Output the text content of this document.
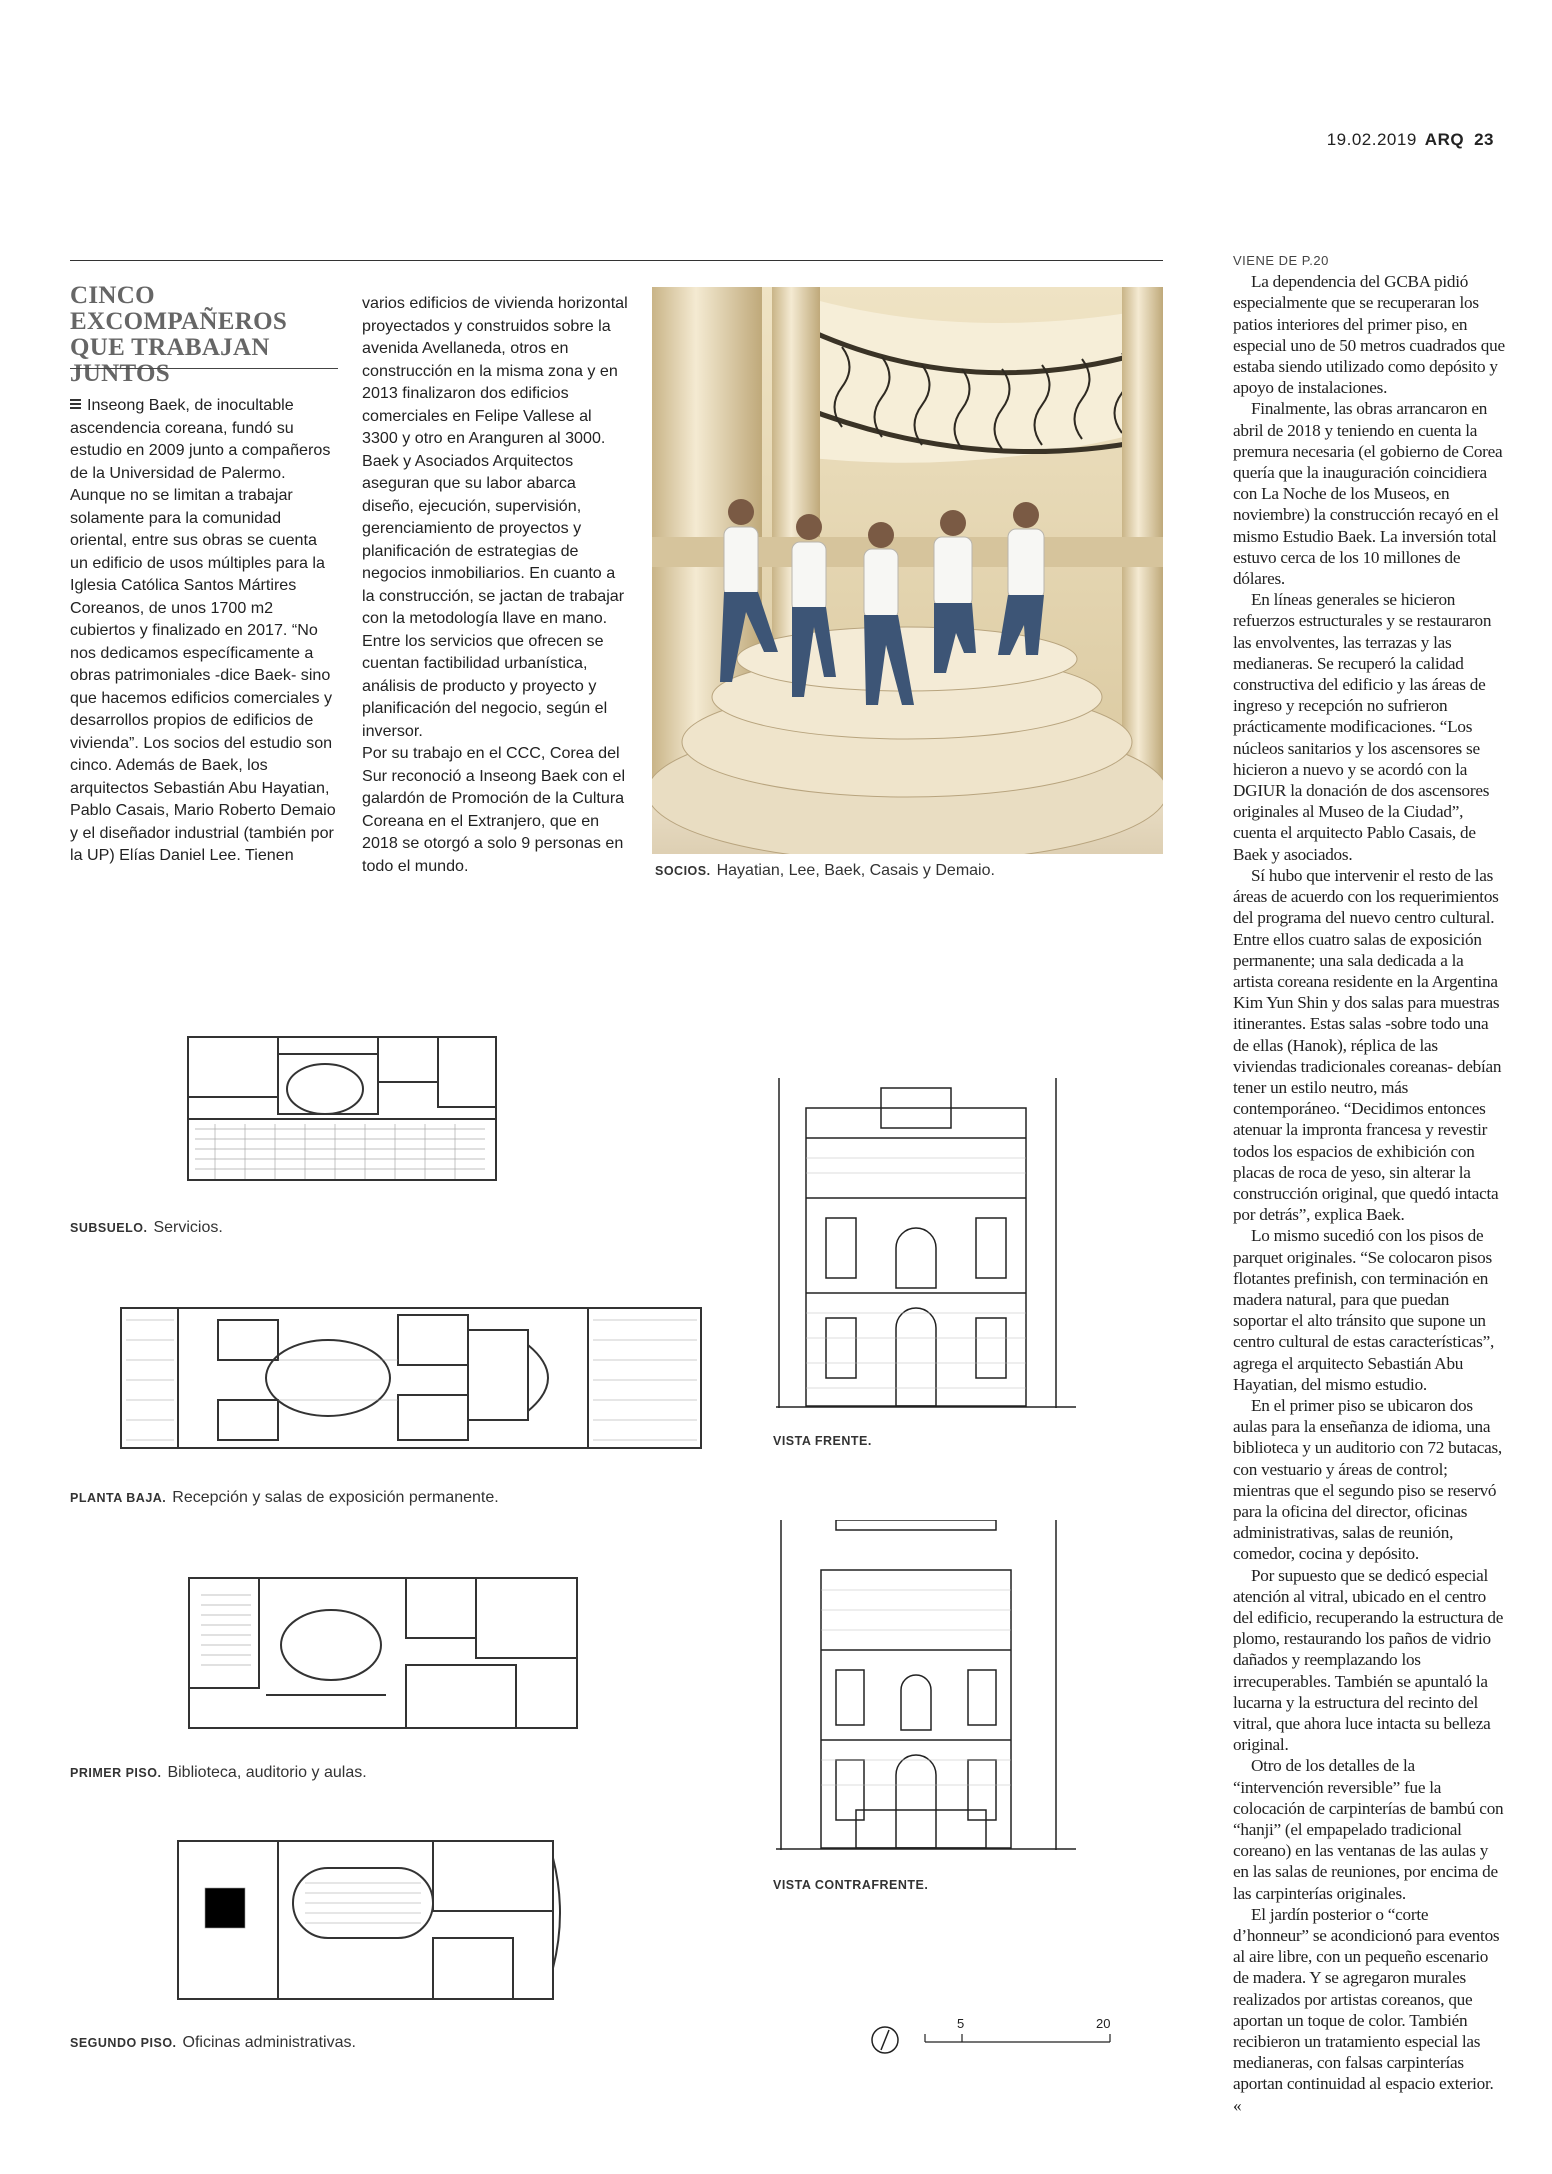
19.02.2019 ARQ 23
CINCO EXCOMPAÑEROS QUE TRABAJAN JUNTOS
Inseong Baek, de inocultable ascendencia coreana, fundó su estudio en 2009 junto a compañeros de la Universidad de Palermo. Aunque no se limitan a trabajar solamente para la comunidad oriental, entre sus obras se cuenta un edificio de usos múltiples para la Iglesia Católica Santos Mártires Coreanos, de unos 1700 m2 cubiertos y finalizado en 2017. “No nos dedicamos específicamente a obras patrimoniales -dice Baek- sino que hacemos edificios comerciales y desarrollos propios de edificios de vivienda”. Los socios del estudio son cinco. Además de Baek, los arquitectos Sebastián Abu Hayatian, Pablo Casais, Mario Roberto Demaio y el diseñador industrial (también por la UP) Elías Daniel Lee. Tienen
varios edificios de vivienda horizontal proyectados y construidos sobre la avenida Avellaneda, otros en construcción en la misma zona y en 2013 finalizaron dos edificios comerciales en Felipe Vallese al 3300 y otro en Aranguren al 3000.
Baek y Asociados Arquitectos aseguran que su labor abarca diseño, ejecución, supervisión, gerenciamiento de proyectos y planificación de estrategias de negocios inmobiliarios. En cuanto a la construcción, se jactan de trabajar con la metodología llave en mano. Entre los servicios que ofrecen se cuentan factibilidad urbanística, análisis de producto y proyecto y planificación del negocio, según el inversor.
Por su trabajo en el CCC, Corea del Sur reconoció a Inseong Baek con el galardón de Promoción de la Cultura Coreana en el Extranjero, que en 2018 se otorgó a solo 9 personas en todo el mundo.	SOCIOS. Hayatian, Lee, Baek, Casais y Demaio.
SUBSUELO. Servicios.
PLANTA BAJA. Recepción y salas de exposición permanente.
PRIMER PISO. Biblioteca, auditorio y aulas.
SEGUNDO PISO. Oficinas administrativas.
VISTA FRENTE.
VISTA CONTRAFRENTE.
5	20
VIENE DE P.20

La dependencia del GCBA pidió especialmente que se recuperaran los patios interiores del primer piso, en especial uno de 50 metros cuadrados que estaba siendo utilizado como depósito y apoyo de instalaciones.

Finalmente, las obras arrancaron en abril de 2018 y teniendo en cuenta la premura necesaria (el gobierno de Corea quería que la inauguración coincidiera con La Noche de los Museos, en noviembre) la construcción recayó en el mismo Estudio Baek. La inversión total estuvo cerca de los 10 millones de dólares.

En líneas generales se hicieron refuerzos estructurales y se restauraron las envolventes, las terrazas y las medianeras. Se recuperó la calidad constructiva del edificio y las áreas de ingreso y recepción no sufrieron prácticamente modificaciones. “Los núcleos sanitarios y los ascensores se hicieron a nuevo y se acordó con la DGIUR la donación de dos ascensores originales al Museo de la Ciudad”, cuenta el arquitecto Pablo Casais, de Baek y asociados.

Sí hubo que intervenir el resto de las áreas de acuerdo con los requerimientos del programa del nuevo centro cultural. Entre ellos cuatro salas de exposición permanente; una sala dedicada a la artista coreana residente en la Argentina Kim Yun Shin y dos salas para muestras itinerantes. Estas salas -sobre todo una de ellas (Hanok), réplica de las viviendas tradicionales coreanas- debían tener un estilo neutro, más contemporáneo. “Decidimos entonces atenuar la impronta francesa y revestir todos los espacios de exhibición con placas de roca de yeso, sin alterar la construcción original, que quedó intacta por detrás”, explica Baek.

Lo mismo sucedió con los pisos de parquet originales. “Se colocaron pisos flotantes prefinish, con terminación en madera natural, para que puedan soportar el alto tránsito que supone un centro cultural de estas características”, agrega el arquitecto Sebastián Abu Hayatian, del mismo estudio.

En el primer piso se ubicaron dos aulas para la enseñanza de idioma, una biblioteca y un auditorio con 72 butacas, con vestuario y áreas de control; mientras que el segundo piso se reservó para la oficina del director, oficinas administrativas, salas de reunión, comedor, cocina y depósito.

Por supuesto que se dedicó especial atención al vitral, ubicado en el centro del edificio, recuperando la estructura de plomo, restaurando los paños de vidrio dañados y reemplazando los irrecuperables. También se apuntaló la lucarna y la estructura del recinto del vitral, que ahora luce intacta su belleza original.

Otro de los detalles de la “intervención reversible” fue la colocación de carpinterías de bambú con “hanji” (el empapelado tradicional coreano) en las ventanas de las aulas y en las salas de reuniones, por encima de las carpinterías originales.

El jardín posterior o “corte d’honneur” se acondicionó para eventos al aire libre, con un pequeño escenario de madera. Y se agregaron murales realizados por artistas coreanos, que aportan un toque de color. También recibieron un tratamiento especial las medianeras, con falsas carpinterías aportan continuidad al espacio exterior. «
